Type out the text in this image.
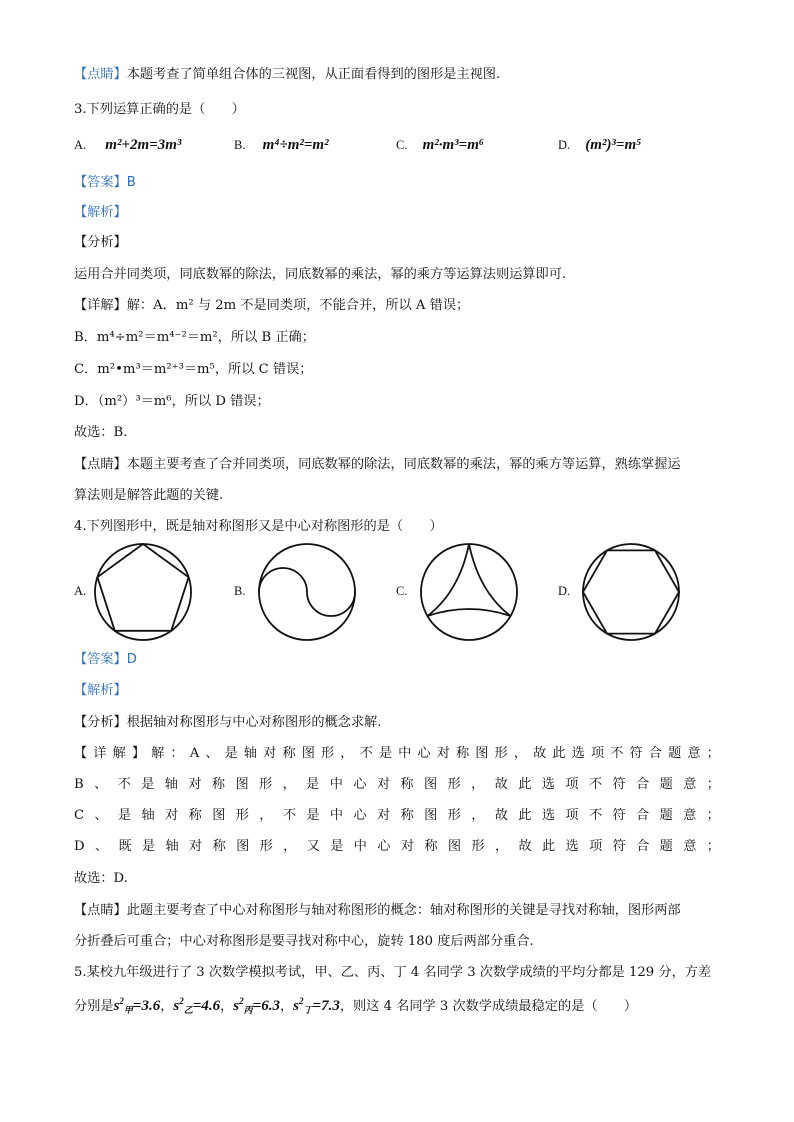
【点睛】本题考查了简单组合体的三视图，从正面看得到的图形是主视图.
3.下列运算正确的是（　　）
A. m²+2m=3m³	B. m⁴÷m²=m²	C. m²·m³=m⁶	D. (m²)³=m⁵
【答案】B
【解析】
【分析】
运用合并同类项，同底数幂的除法，同底数幂的乘法，幂的乘方等运算法则运算即可.
【详解】解：A．m² 与 2m 不是同类项，不能合并，所以 A 错误；
B．m⁴÷m²＝m⁴⁻²＝m²，所以 B 正确；
C．m²•m³＝m²⁺³＝m⁵，所以 C 错误；
D．（m²）³＝m⁶，所以 D 错误；
故选：B.
【点睛】本题主要考查了合并同类项，同底数幂的除法，同底数幂的乘法，幂的乘方等运算，熟练掌握运
算法则是解答此题的关键.
4.下列图形中，既是轴对称图形又是中心对称图形的是（　　）
A.	B.	C.	D.
【答案】D
【解析】
【分析】根据轴对称图形与中心对称图形的概念求解.
【 详 解 】 解 ： A 、 是 轴 对 称 图 形 ， 不 是 中 心 对 称 图 形 ， 故 此 选 项 不 符 合 题 意 ；
B 、 不 是 轴 对 称 图 形 ， 是 中 心 对 称 图 形 ， 故 此 选 项 不 符 合 题 意 ；
C 、 是 轴 对 称 图 形 ， 不 是 中 心 对 称 图 形 ， 故 此 选 项 不 符 合 题 意 ；
D 、 既 是 轴 对 称 图 形 ， 又 是 中 心 对 称 图 形 ， 故 此 选 项 符 合 题 意 ；
故选：D.
【点睛】此题主要考查了中心对称图形与轴对称图形的概念：轴对称图形的关键是寻找对称轴，图形两部
分折叠后可重合；中心对称图形是要寻找对称中心，旋转 180 度后两部分重合.
5.某校九年级进行了 3 次数学模拟考试，甲、乙、丙、丁 4 名同学 3 次数学成绩的平均分都是 129 分，方差
分别是$s^2_甲=3.6$，$s^2_乙=4.6$，$s^2_丙=6.3$，$s^2_丁=7.3$，则这 4 名同学 3 次数学成绩最稳定的是（　　）
